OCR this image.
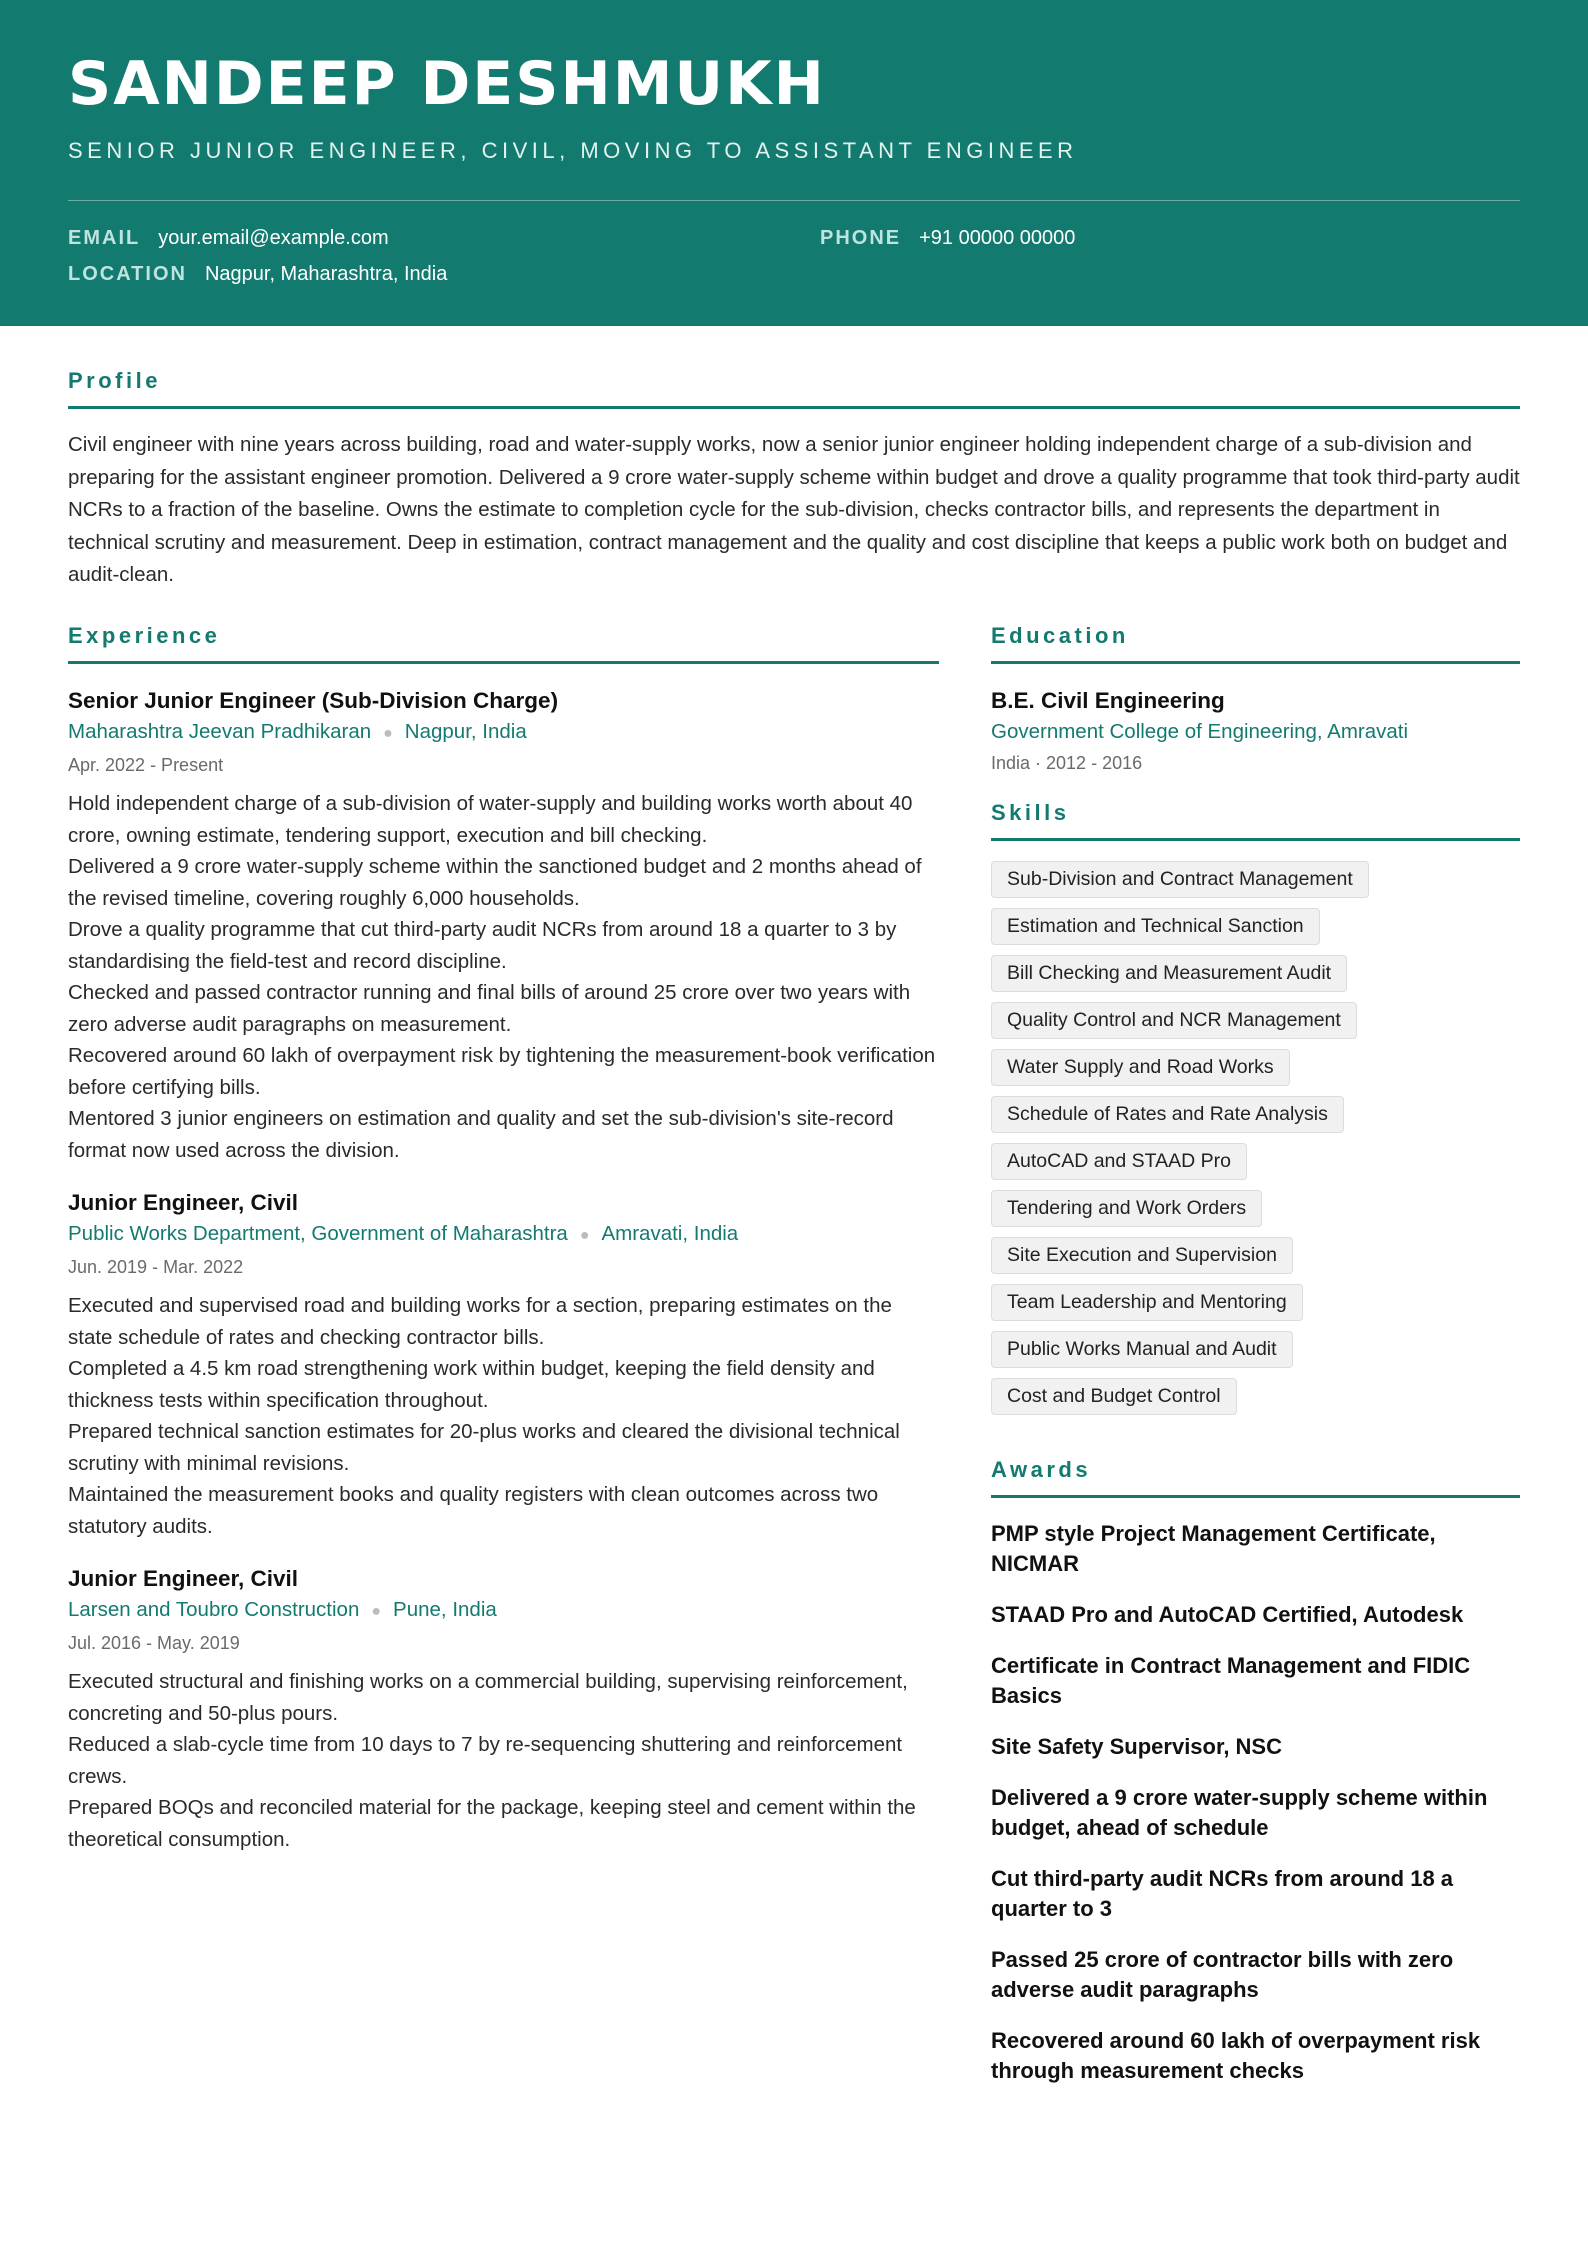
SANDEEP DESHMUKH
SENIOR JUNIOR ENGINEER, CIVIL, MOVING TO ASSISTANT ENGINEER
EMAIL your.email@example.com	PHONE +91 00000 00000
LOCATION Nagpur, Maharashtra, India
Profile
Civil engineer with nine years across building, road and water-supply works, now a senior junior engineer holding independent charge of a sub-division and preparing for the assistant engineer promotion. Delivered a 9 crore water-supply scheme within budget and drove a quality programme that took third-party audit NCRs to a fraction of the baseline. Owns the estimate to completion cycle for the sub-division, checks contractor bills, and represents the department in technical scrutiny and measurement. Deep in estimation, contract management and the quality and cost discipline that keeps a public work both on budget and audit-clean.
Experience
Senior Junior Engineer (Sub-Division Charge)
Maharashtra Jeevan Pradhikaran ● Nagpur, India
Apr. 2022 - Present
Hold independent charge of a sub-division of water-supply and building works worth about 40 crore, owning estimate, tendering support, execution and bill checking.
Delivered a 9 crore water-supply scheme within the sanctioned budget and 2 months ahead of the revised timeline, covering roughly 6,000 households.
Drove a quality programme that cut third-party audit NCRs from around 18 a quarter to 3 by standardising the field-test and record discipline.
Checked and passed contractor running and final bills of around 25 crore over two years with zero adverse audit paragraphs on measurement.
Recovered around 60 lakh of overpayment risk by tightening the measurement-book verification before certifying bills.
Mentored 3 junior engineers on estimation and quality and set the sub-division's site-record format now used across the division.
Junior Engineer, Civil
Public Works Department, Government of Maharashtra ● Amravati, India
Jun. 2019 - Mar. 2022
Executed and supervised road and building works for a section, preparing estimates on the state schedule of rates and checking contractor bills.
Completed a 4.5 km road strengthening work within budget, keeping the field density and thickness tests within specification throughout.
Prepared technical sanction estimates for 20-plus works and cleared the divisional technical scrutiny with minimal revisions.
Maintained the measurement books and quality registers with clean outcomes across two statutory audits.
Junior Engineer, Civil
Larsen and Toubro Construction ● Pune, India
Jul. 2016 - May. 2019
Executed structural and finishing works on a commercial building, supervising reinforcement, concreting and 50-plus pours.
Reduced a slab-cycle time from 10 days to 7 by re-sequencing shuttering and reinforcement crews.
Prepared BOQs and reconciled material for the package, keeping steel and cement within the theoretical consumption.
Education
B.E. Civil Engineering
Government College of Engineering, Amravati
India · 2012 - 2016
Skills
Sub-Division and Contract Management
Estimation and Technical Sanction
Bill Checking and Measurement Audit
Quality Control and NCR Management
Water Supply and Road Works
Schedule of Rates and Rate Analysis
AutoCAD and STAAD Pro
Tendering and Work Orders
Site Execution and Supervision
Team Leadership and Mentoring
Public Works Manual and Audit
Cost and Budget Control
Awards
PMP style Project Management Certificate, NICMAR
STAAD Pro and AutoCAD Certified, Autodesk
Certificate in Contract Management and FIDIC Basics
Site Safety Supervisor, NSC
Delivered a 9 crore water-supply scheme within budget, ahead of schedule
Cut third-party audit NCRs from around 18 a quarter to 3
Passed 25 crore of contractor bills with zero adverse audit paragraphs
Recovered around 60 lakh of overpayment risk through measurement checks
